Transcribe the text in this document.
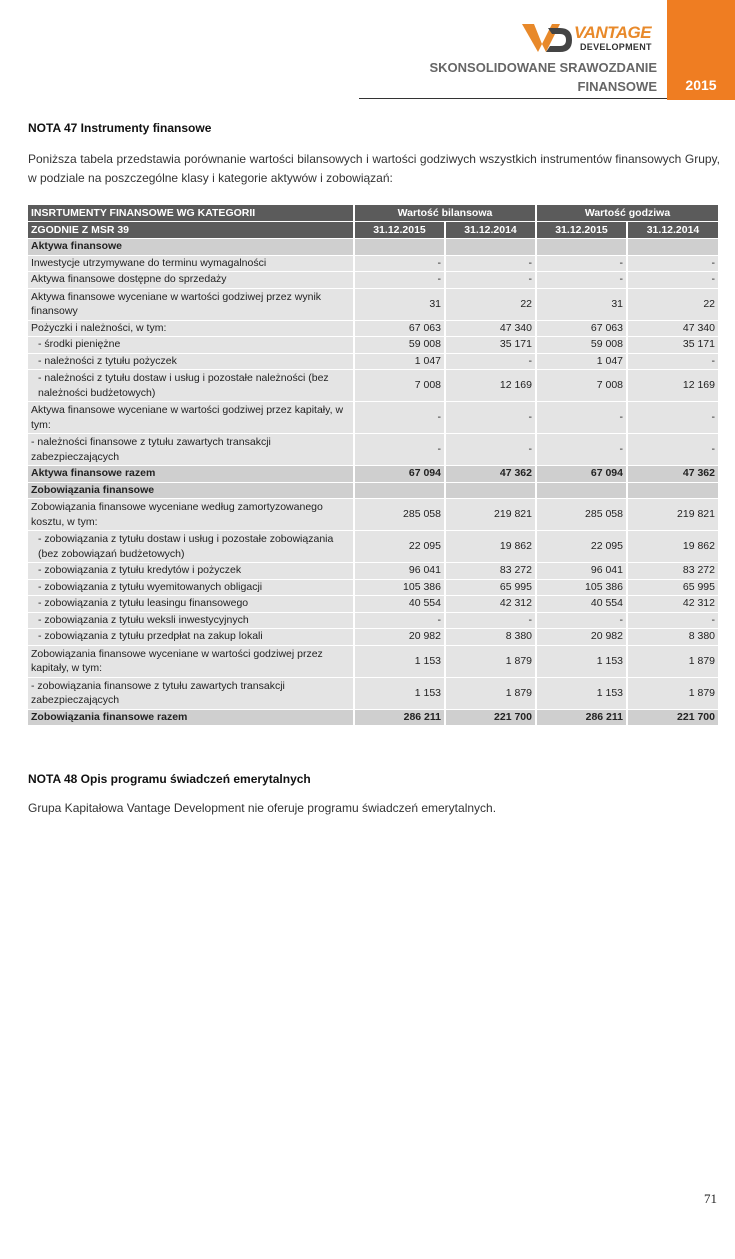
VANTAGE
DEVELOPMENT
SKONSOLIDOWANE SRAWOZDANIE
FINANSOWE	2015
NOTA 47 Instrumenty finansowe
Poniższa tabela przedstawia porównanie wartości bilansowych i wartości godziwych wszystkich instrumentów finansowych Grupy, w podziale na poszczególne klasy i kategorie aktywów i zobowiązań:
INSRTUMENTY FINANSOWE WG KATEGORII	Wartość bilansowa		Wartość godziwa	
ZGODNIE Z MSR 39	31.12.2015	31.12.2014	31.12.2015	31.12.2014
Aktywa finansowe				
Inwestycje utrzymywane do terminu wymagalności	-	-	-	-
Aktywa finansowe dostępne do sprzedaży	-	-	-	-
Aktywa finansowe wyceniane w wartości godziwej przez wynik finansowy	31	22	31	22
Pożyczki i należności, w tym:	67 063	47 340	67 063	47 340
- środki pieniężne	59 008	35 171	59 008	35 171
- należności z tytułu pożyczek	1 047	-	1 047	-
- należności z tytułu dostaw i usług i pozostałe należności (bez należności budżetowych)	7 008	12 169	7 008	12 169
Aktywa finansowe wyceniane w wartości godziwej przez kapitały, w tym:	-	-	-	-
- należności finansowe z tytułu zawartych transakcji zabezpieczających	-	-	-	-
Aktywa finansowe razem	67 094	47 362	67 094	47 362
Zobowiązania finansowe				
Zobowiązania finansowe wyceniane według zamortyzowanego kosztu, w tym:	285 058	219 821	285 058	219 821
- zobowiązania z tytułu dostaw i usług i pozostałe zobowiązania (bez zobowiązań budżetowych)	22 095	19 862	22 095	19 862
- zobowiązania z tytułu kredytów i pożyczek	96 041	83 272	96 041	83 272
- zobowiązania z tytułu wyemitowanych obligacji	105 386	65 995	105 386	65 995
- zobowiązania z tytułu leasingu finansowego	40 554	42 312	40 554	42 312
- zobowiązania z tytułu weksli inwestycyjnych	-	-	-	-
- zobowiązania z tytułu przedpłat na zakup lokali	20 982	8 380	20 982	8 380
Zobowiązania finansowe wyceniane w wartości godziwej przez kapitały, w tym:	1 153	1 879	1 153	1 879
- zobowiązania finansowe z tytułu zawartych transakcji zabezpieczających	1 153	1 879	1 153	1 879
Zobowiązania finansowe razem	286 211	221 700	286 211	221 700
NOTA 48 Opis programu świadczeń emerytalnych
Grupa Kapitałowa Vantage Development nie oferuje programu świadczeń emerytalnych.
71
